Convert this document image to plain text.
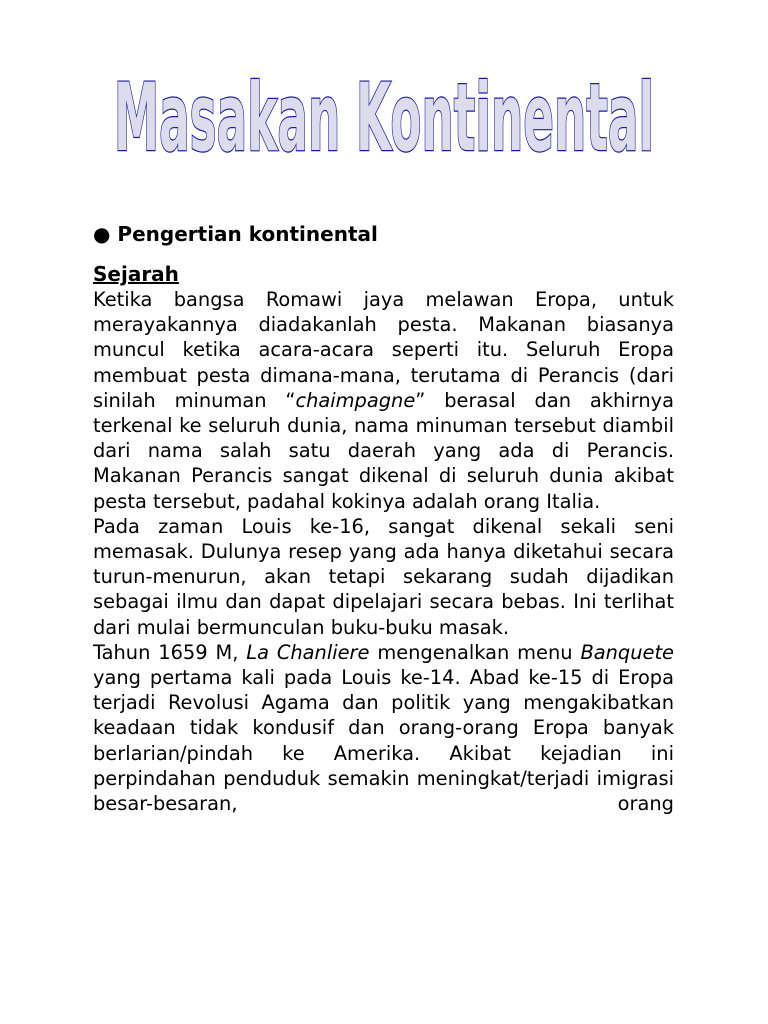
Masakan Kontinental
● Pengertian kontinental
Sejarah

Ketika bangsa Romawi jaya melawan Eropa, untuk merayakannya diadakanlah pesta. Makanan biasanya muncul ketika acara-acara seperti itu. Seluruh Eropa membuat pesta dimana-mana, terutama di Perancis (dari sinilah minuman “chaimpagne” berasal dan akhirnya terkenal ke seluruh dunia, nama minuman tersebut diambil dari nama salah satu daerah yang ada di Perancis. Makanan Perancis sangat dikenal di seluruh dunia akibat pesta tersebut, padahal kokinya adalah orang Italia.

Pada zaman Louis ke-16, sangat dikenal sekali seni memasak. Dulunya resep yang ada hanya diketahui secara turun-menurun, akan tetapi sekarang sudah dijadikan sebagai ilmu dan dapat dipelajari secara bebas. Ini terlihat dari mulai bermunculan buku-buku masak.

Tahun 1659 M, La Chanliere mengenalkan menu Banquete yang pertama kali pada Louis ke-14. Abad ke-15 di Eropa terjadi Revolusi Agama dan politik yang mengakibatkan keadaan tidak kondusif dan orang-orang Eropa banyak berlarian/pindah ke Amerika. Akibat kejadian ini perpindahan penduduk semakin meningkat/terjadi imigrasi besar-besaran, orang
